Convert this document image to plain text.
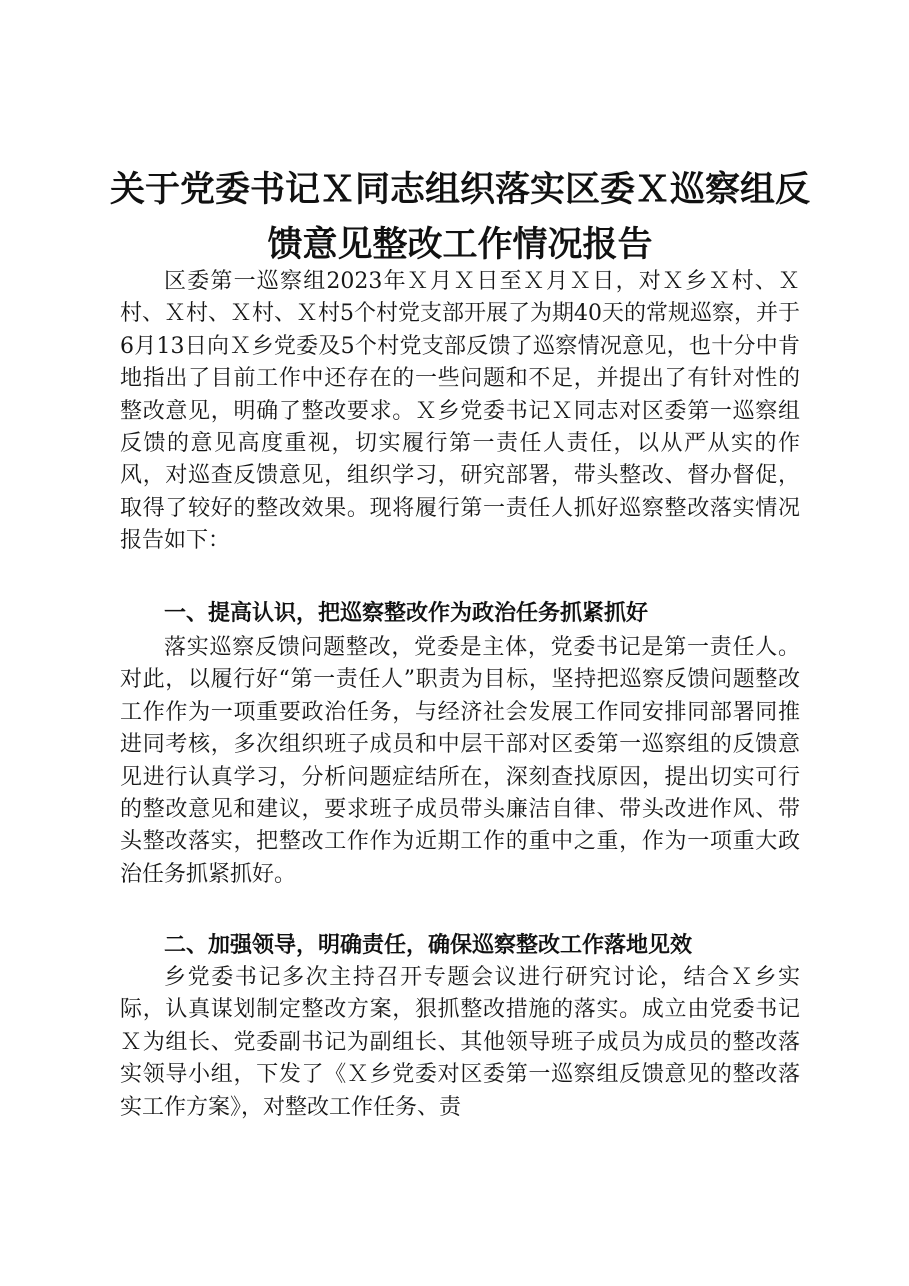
关于党委书记Ｘ同志组织落实区委Ｘ巡察组反
馈意见整改工作情况报告

区委第一巡察组2023年Ｘ月Ｘ日至Ｘ月Ｘ日，对Ｘ乡Ｘ村、Ｘ村、Ｘ村、Ｘ村、Ｘ村5个村党支部开展了为期40天的常规巡察，并于6月13日向Ｘ乡党委及5个村党支部反馈了巡察情况意见，也十分中肯地指出了目前工作中还存在的一些问题和不足，并提出了有针对性的整改意见，明确了整改要求。Ｘ乡党委书记Ｘ同志对区委第一巡察组反馈的意见高度重视，切实履行第一责任人责任，以从严从实的作风，对巡查反馈意见，组织学习，研究部署，带头整改、督办督促，取得了较好的整改效果。现将履行第一责任人抓好巡察整改落实情况报告如下：

一、提高认识，把巡察整改作为政治任务抓紧抓好

落实巡察反馈问题整改，党委是主体，党委书记是第一责任人。对此，以履行好“第一责任人”职责为目标，坚持把巡察反馈问题整改工作作为一项重要政治任务，与经济社会发展工作同安排同部署同推进同考核，多次组织班子成员和中层干部对区委第一巡察组的反馈意见进行认真学习，分析问题症结所在，深刻查找原因，提出切实可行的整改意见和建议，要求班子成员带头廉洁自律、带头改进作风、带头整改落实，把整改工作作为近期工作的重中之重，作为一项重大政治任务抓紧抓好。

二、加强领导，明确责任，确保巡察整改工作落地见效

乡党委书记多次主持召开专题会议进行研究讨论，结合Ｘ乡实际，认真谋划制定整改方案，狠抓整改措施的落实。成立由党委书记Ｘ为组长、党委副书记为副组长、其他领导班子成员为成员的整改落实领导小组，下发了《Ｘ乡党委对区委第一巡察组反馈意见的整改落实工作方案》，对整改工作任务、责
